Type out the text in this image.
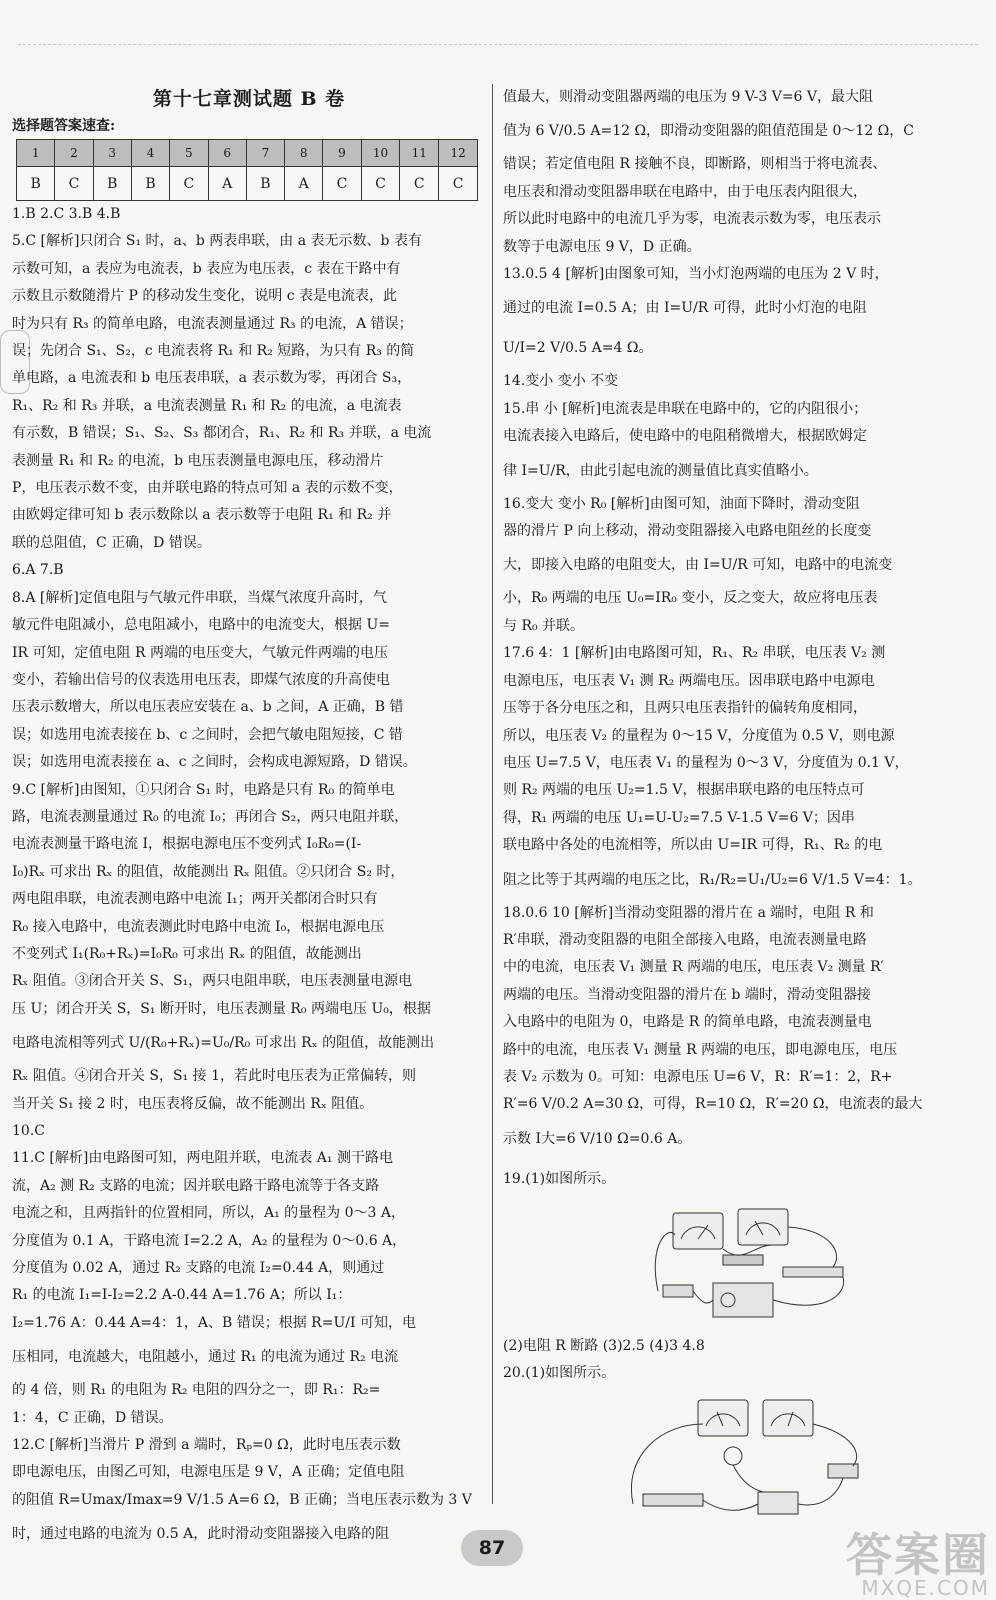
第十七章测试题 B 卷
选择题答案速查:
1	2	3	4	5	6	7	8	9	10	11	12
B	C	B	B	C	A	B	A	C	C	C	C

1.B 2.C 3.B 4.B

5.C [解析]只闭合 S₁ 时，a、b 两表串联，由 a 表无示数、b 表有

示数可知，a 表应为电流表，b 表应为电压表，c 表在干路中有

示数且示数随滑片 P 的移动发生变化，说明 c 表是电流表，此

时为只有 R₃ 的简单电路，电流表测量通过 R₃ 的电流，A 错误；

误；先闭合 S₁、S₂，c 电流表将 R₁ 和 R₂ 短路，为只有 R₃ 的简

单电路，a 电流表和 b 电压表串联，a 表示数为零，再闭合 S₃，

R₁、R₂ 和 R₃ 并联，a 电流表测量 R₁ 和 R₂ 的电流，a 电流表

有示数，B 错误；S₁、S₂、S₃ 都闭合，R₁、R₂ 和 R₃ 并联，a 电流

表测量 R₁ 和 R₂ 的电流，b 电压表测量电源电压，移动滑片

P，电压表示数不变，由并联电路的特点可知 a 表的示数不变，

由欧姆定律可知 b 表示数除以 a 表示数等于电阻 R₁ 和 R₂ 并

联的总阻值，C 正确，D 错误。

6.A 7.B

8.A [解析]定值电阻与气敏元件串联，当煤气浓度升高时，气

敏元件电阻减小，总电阻减小，电路中的电流变大，根据 U=

IR 可知，定值电阻 R 两端的电压变大，气敏元件两端的电压

变小，若输出信号的仪表选用电压表，即煤气浓度的升高使电

压表示数增大，所以电压表应安装在 a、b 之间，A 正确，B 错

误；如选用电流表接在 b、c 之间时，会把气敏电阻短接，C 错

误；如选用电流表接在 a、c 之间时，会构成电源短路，D 错误。

9.C [解析]由图知，①只闭合 S₁ 时，电路是只有 R₀ 的简单电

路，电流表测量通过 R₀ 的电流 I₀；再闭合 S₂，两只电阻并联，

电流表测量干路电流 I，根据电源电压不变列式 I₀R₀=(I-

I₀)Rₓ 可求出 Rₓ 的阻值，故能测出 Rₓ 阻值。②只闭合 S₂ 时，

两电阻串联，电流表测电路中电流 I₁；两开关都闭合时只有

R₀ 接入电路中，电流表测此时电路中电流 I₀，根据电源电压

不变列式 I₁(R₀+Rₓ)=I₀R₀ 可求出 Rₓ 的阻值，故能测出

Rₓ 阻值。③闭合开关 S、S₁，两只电阻串联，电压表测量电源电

压 U；闭合开关 S，S₁ 断开时，电压表测量 R₀ 两端电压 U₀，根据

电路电流相等列式 U/(R₀+Rₓ)=U₀/R₀ 可求出 Rₓ 的阻值，故能测出

Rₓ 阻值。④闭合开关 S，S₁ 接 1，若此时电压表为正常偏转，则

当开关 S₁ 接 2 时，电压表将反偏，故不能测出 Rₓ 阻值。

10.C

11.C [解析]由电路图可知，两电阻并联，电流表 A₁ 测干路电

流，A₂ 测 R₂ 支路的电流；因并联电路干路电流等于各支路

电流之和，且两指针的位置相同，所以，A₁ 的量程为 0～3 A，

分度值为 0.1 A，干路电流 I=2.2 A，A₂ 的量程为 0～0.6 A，

分度值为 0.02 A，通过 R₂ 支路的电流 I₂=0.44 A，则通过

R₁ 的电流 I₁=I-I₂=2.2 A-0.44 A=1.76 A；所以 I₁：

I₂=1.76 A：0.44 A=4：1，A、B 错误；根据 R=U/I 可知，电

压相同，电流越大，电阻越小，通过 R₁ 的电流为通过 R₂ 电流

的 4 倍，则 R₁ 的电阻为 R₂ 电阻的四分之一，即 R₁：R₂=

1：4，C 正确，D 错误。

12.C [解析]当滑片 P 滑到 a 端时，Rₚ=0 Ω，此时电压表示数

即电源电压，由图乙可知，电源电压是 9 V，A 正确；定值电阻

的阻值 R=Umax/Imax=9 V/1.5 A=6 Ω，B 正确；当电压表示数为 3 V

时，通过电路的电流为 0.5 A，此时滑动变阻器接入电路的阻

值最大，则滑动变阻器两端的电压为 9 V-3 V=6 V，最大阻

值为 6 V/0.5 A=12 Ω，即滑动变阻器的阻值范围是 0～12 Ω，C

错误；若定值电阻 R 接触不良，即断路，则相当于将电流表、

电压表和滑动变阻器串联在电路中，由于电压表内阻很大，

所以此时电路中的电流几乎为零，电流表示数为零，电压表示

数等于电源电压 9 V，D 正确。

13.0.5 4 [解析]由图象可知，当小灯泡两端的电压为 2 V 时，

通过的电流 I=0.5 A；由 I=U/R 可得，此时小灯泡的电阻

U/I=2 V/0.5 A=4 Ω。

14.变小 变小 不变

15.串 小 [解析]电流表是串联在电路中的，它的内阻很小；

电流表接入电路后，使电路中的电阻稍微增大，根据欧姆定

律 I=U/R，由此引起电流的测量值比真实值略小。

16.变大 变小 R₀ [解析]由图可知，油面下降时，滑动变阻

器的滑片 P 向上移动，滑动变阻器接入电路电阻丝的长度变

大，即接入电路的电阻变大，由 I=U/R 可知，电路中的电流变

小，R₀ 两端的电压 U₀=IR₀ 变小，反之变大，故应将电压表

与 R₀ 并联。

17.6 4：1 [解析]由电路图可知，R₁、R₂ 串联，电压表 V₂ 测

电源电压，电压表 V₁ 测 R₂ 两端电压。因串联电路中电源电

压等于各分电压之和，且两只电压表指针的偏转角度相同，

所以，电压表 V₂ 的量程为 0～15 V，分度值为 0.5 V，则电源

电压 U=7.5 V，电压表 V₁ 的量程为 0～3 V，分度值为 0.1 V，

则 R₂ 两端的电压 U₂=1.5 V，根据串联电路的电压特点可

得，R₁ 两端的电压 U₁=U-U₂=7.5 V-1.5 V=6 V；因串

联电路中各处的电流相等，所以由 U=IR 可得，R₁、R₂ 的电

阻之比等于其两端的电压之比，R₁/R₂=U₁/U₂=6 V/1.5 V=4：1。

18.0.6 10 [解析]当滑动变阻器的滑片在 a 端时，电阻 R 和

R′串联，滑动变阻器的电阻全部接入电路，电流表测量电路

中的电流，电压表 V₁ 测量 R 两端的电压，电压表 V₂ 测量 R′

两端的电压。当滑动变阻器的滑片在 b 端时，滑动变阻器接

入电路中的电阻为 0，电路是 R 的简单电路，电流表测量电

路中的电流，电压表 V₁ 测量 R 两端的电压，即电源电压，电压

表 V₂ 示数为 0。可知：电源电压 U=6 V，R：R′=1：2，R+

R′=6 V/0.2 A=30 Ω，可得，R=10 Ω，R′=20 Ω，电流表的最大

示数 I大=6 V/10 Ω=0.6 A。

19.(1)如图所示。

(2)电阻 R 断路 (3)2.5 (4)3 4.8

20.(1)如图所示。

87	答案圈
MXQE.COM
